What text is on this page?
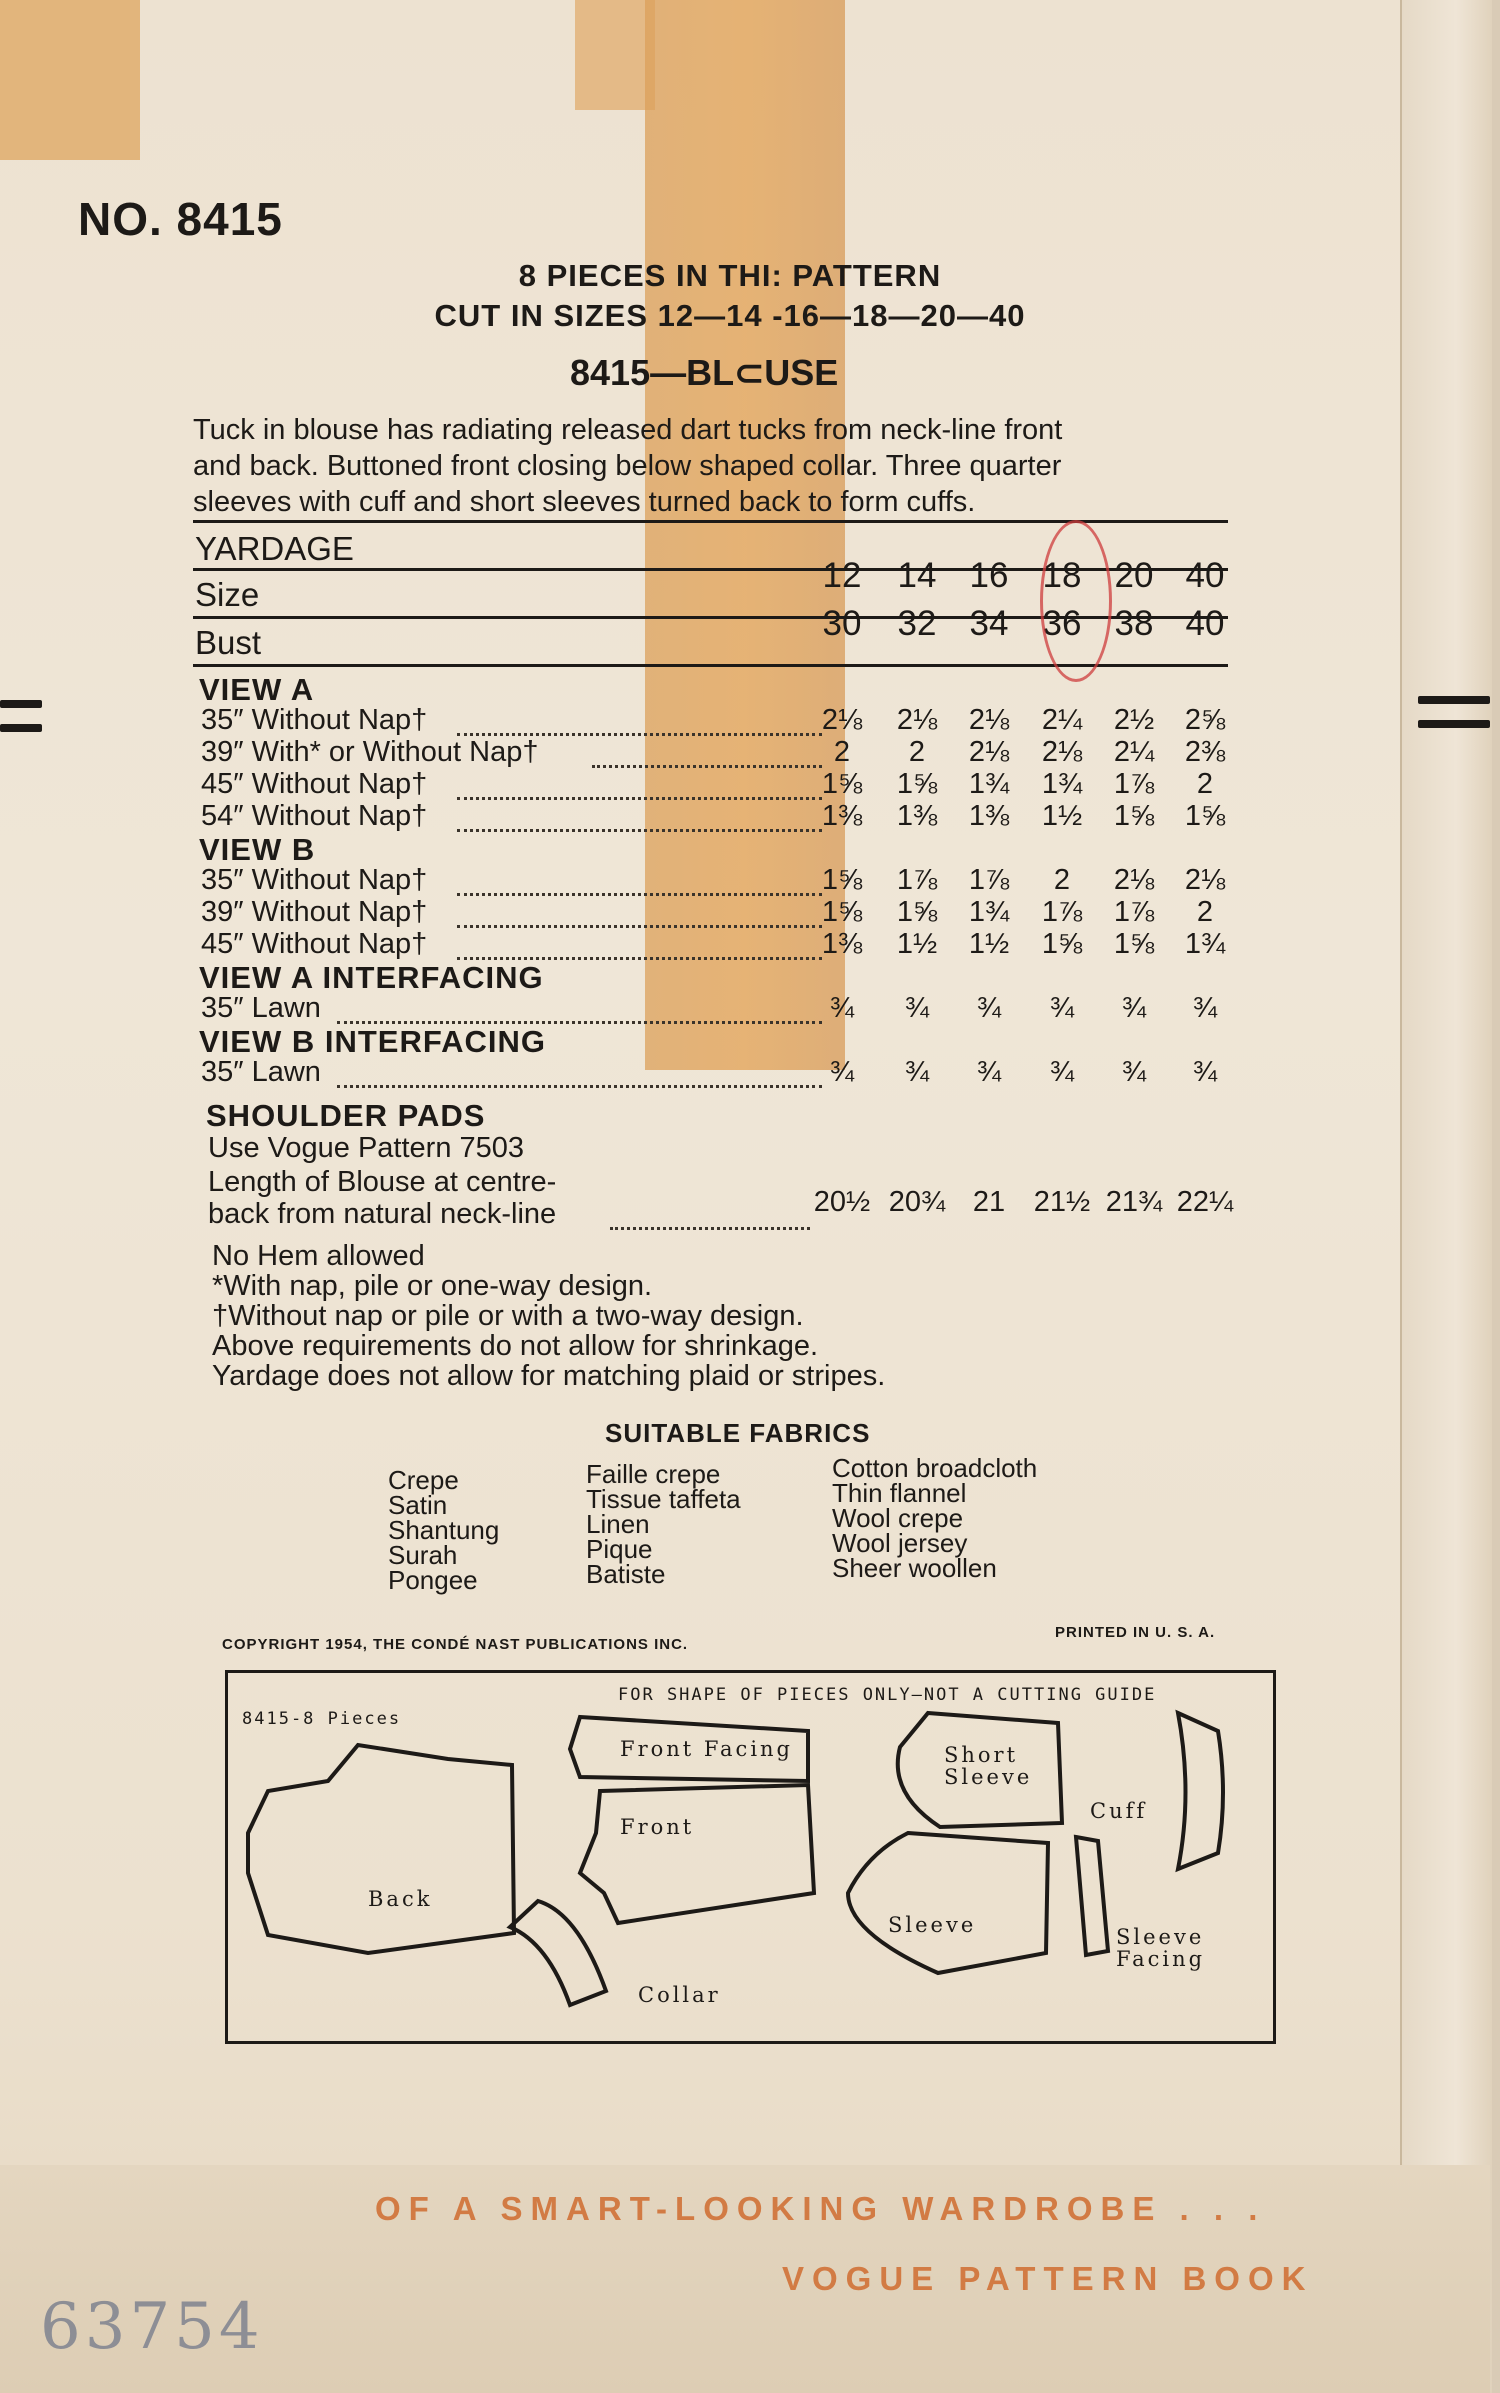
NO. 8415
8 PIECES IN THI: PATTERN
CUT IN SIZES 12—14 -16—18—20—40
8415—BL⊂USE
Tuck in blouse has radiating released dart tucks from neck-line front
and back. Buttoned front closing below shaped collar. Three quarter
sleeves with cuff and short sleeves turned back to form cuffs.
YARDAGE
Size
Bust
12	14 16 18 20 40
30	32 34 36 38 40
VIEW A
35″ Without Nap†	2⅛	2⅛	2⅛	2¼	2½	2⅝
39″ With* or Without Nap†	2	2	2⅛	2⅛	2¼	2⅜
45″ Without Nap†	1⅝	1⅝	1¾	1¾	1⅞	2
54″ Without Nap†	1⅜	1⅜	1⅜	1½	1⅝	1⅝
VIEW B
35″ Without Nap†	1⅝	1⅞	1⅞	2	2⅛	2⅛
39″ Without Nap†	1⅝	1⅝	1¾	1⅞	1⅞	2
45″ Without Nap†	1⅜	1½	1½	1⅝	1⅝	1¾
VIEW A INTERFACING
35″ Lawn	¾	¾	¾	¾	¾	¾
VIEW B INTERFACING
35″ Lawn	¾	¾	¾	¾	¾	¾
SHOULDER PADS
Use Vogue Pattern 7503
Length of Blouse at centre-
back from natural neck-line	20½ 20¾ 21 21½ 21¾ 22¼
No Hem allowed
*With nap, pile or one-way design.
†Without nap or pile or with a two-way design.
Above requirements do not allow for shrinkage.
Yardage does not allow for matching plaid or stripes.
SUITABLE FABRICS
Crepe
Satin
Shantung
Surah
Pongee
Faille crepe
Tissue taffeta
Linen
Pique
Batiste
Cotton broadcloth
Thin flannel
Wool crepe
Wool jersey
Sheer woollen
COPYRIGHT 1954, THE CONDÉ NAST PUBLICATIONS INC.
PRINTED IN U. S. A.
FOR SHAPE OF PIECES ONLY—NOT A CUTTING GUIDE
8415-8 Pieces
Front Facing
Front
Back
Collar
Short
Sleeve
Cuff
Sleeve	Sleeve
Facing
OF A SMART-LOOKING WARDROBE . . .
VOGUE PATTERN BOOK
63754
